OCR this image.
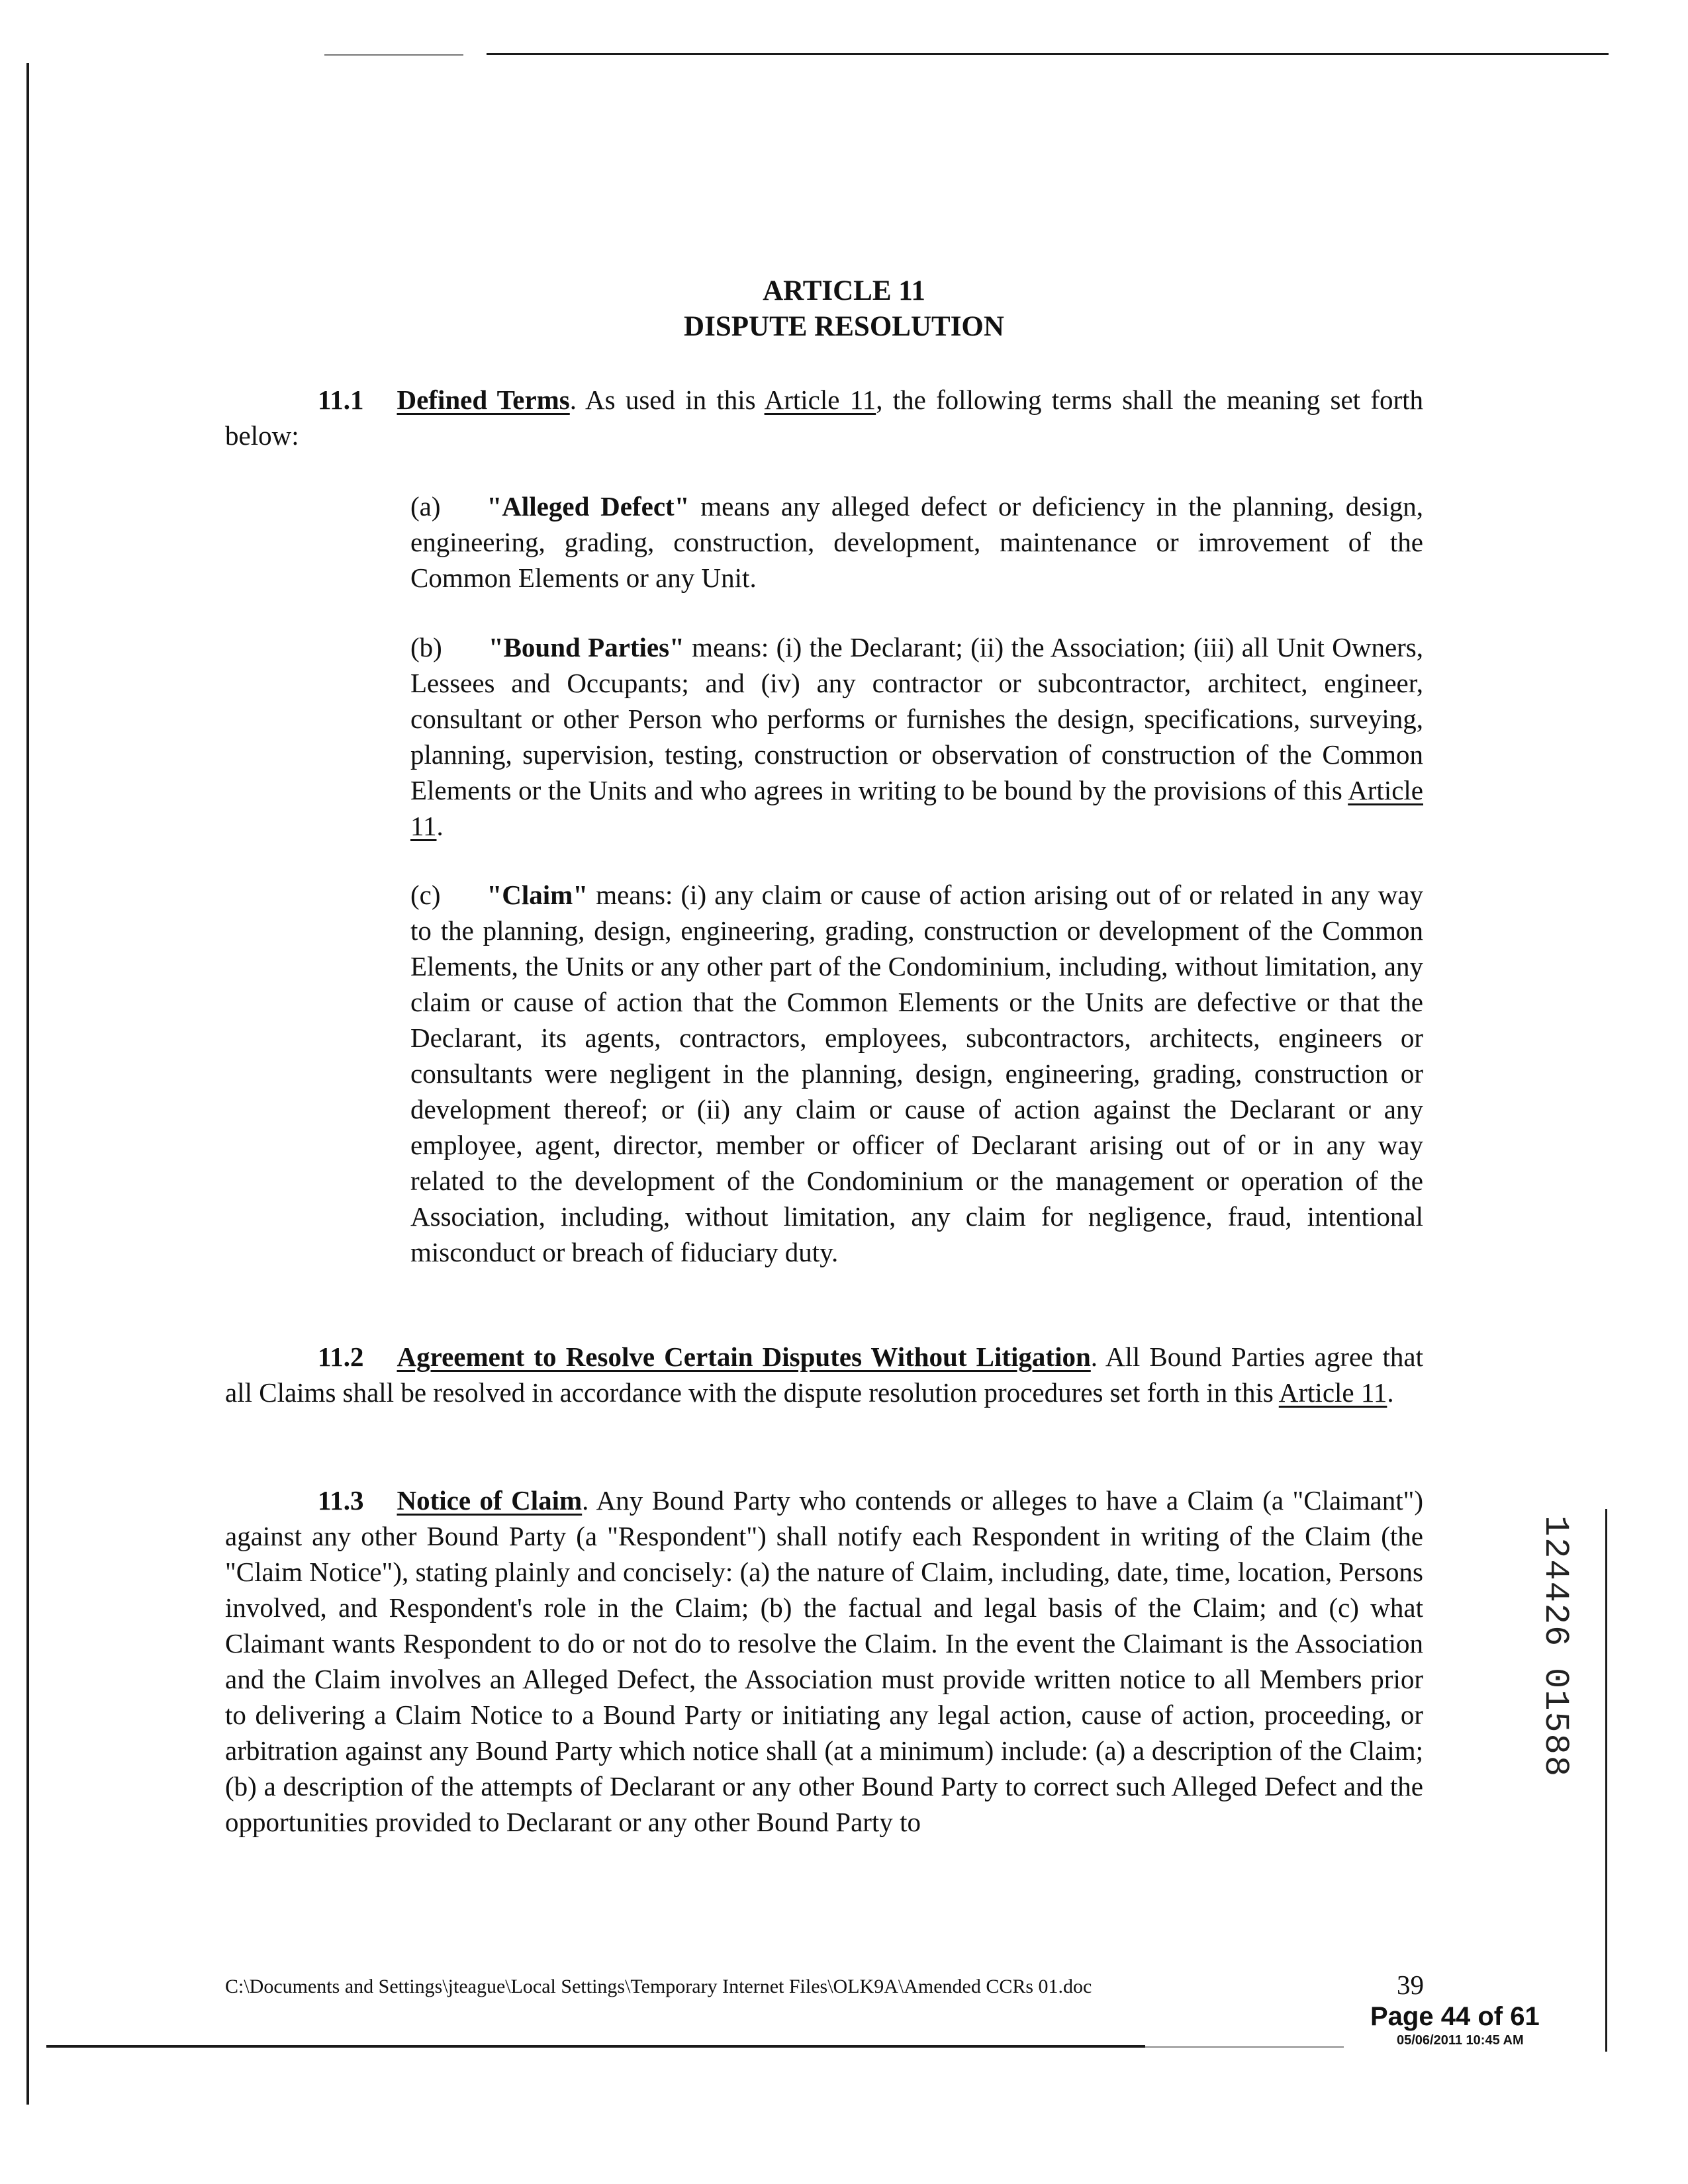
ARTICLE 11
DISPUTE RESOLUTION

11.1 Defined Terms. As used in this Article 11, the following terms shall the meaning set forth below:

(a) "Alleged Defect" means any alleged defect or deficiency in the planning, design, engineering, grading, construction, development, maintenance or imrovement of the Common Elements or any Unit.

(b) "Bound Parties" means: (i) the Declarant; (ii) the Association; (iii) all Unit Owners, Lessees and Occupants; and (iv) any contractor or subcontractor, architect, engineer, consultant or other Person who performs or furnishes the design, specifications, surveying, planning, supervision, testing, construction or observation of construction of the Common Elements or the Units and who agrees in writing to be bound by the provisions of this Article 11.

(c) "Claim" means: (i) any claim or cause of action arising out of or related in any way to the planning, design, engineering, grading, construction or development of the Common Elements, the Units or any other part of the Condominium, including, without limitation, any claim or cause of action that the Common Elements or the Units are defective or that the Declarant, its agents, contractors, employees, subcontractors, architects, engineers or consultants were negligent in the planning, design, engineering, grading, construction or development thereof; or (ii) any claim or cause of action against the Declarant or any employee, agent, director, member or officer of Declarant arising out of or in any way related to the development of the Condominium or the management or operation of the Association, including, without limitation, any claim for negligence, fraud, intentional misconduct or breach of fiduciary duty.

11.2 Agreement to Resolve Certain Disputes Without Litigation. All Bound Parties agree that all Claims shall be resolved in accordance with the dispute resolution procedures set forth in this Article 11.

11.3 Notice of Claim. Any Bound Party who contends or alleges to have a Claim (a "Claimant") against any other Bound Party (a "Respondent") shall notify each Respondent in writing of the Claim (the "Claim Notice"), stating plainly and concisely: (a) the nature of Claim, including, date, time, location, Persons involved, and Respondent's role in the Claim; (b) the factual and legal basis of the Claim; and (c) what Claimant wants Respondent to do or not do to resolve the Claim. In the event the Claimant is the Association and the Claim involves an Alleged Defect, the Association must provide written notice to all Members prior to delivering a Claim Notice to a Bound Party or initiating any legal action, cause of action, proceeding, or arbitration against any Bound Party which notice shall (at a minimum) include: (a) a description of the Claim; (b) a description of the attempts of Declarant or any other Bound Party to correct such Alleged Defect and the opportunities provided to Declarant or any other Bound Party to

124426
01588
C:\Documents and Settings\jteague\Local Settings\Temporary Internet Files\OLK9A\Amended CCRs 01.doc	39
Page 44 of 61
05/06/2011 10:45 AM
